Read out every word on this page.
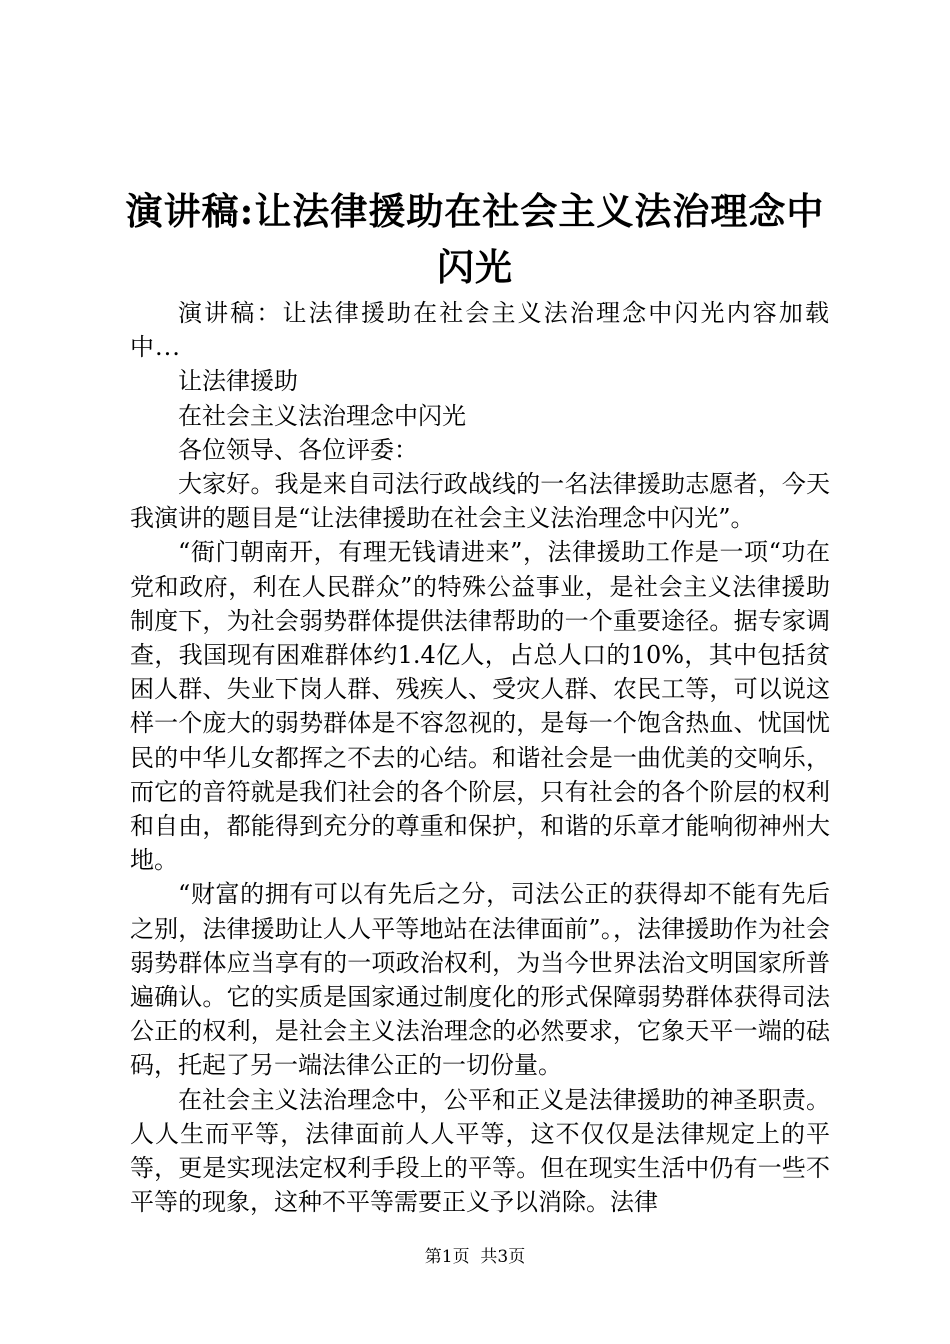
演讲稿:让法律援助在社会主义法治理念中闪光

演讲稿：让法律援助在社会主义法治理念中闪光内容加载中...

让法律援助

在社会主义法治理念中闪光

各位领导、各位评委：

大家好。我是来自司法行政战线的一名法律援助志愿者，今天我演讲的题目是“让法律援助在社会主义法治理念中闪光”。

“衙门朝南开，有理无钱请进来”，法律援助工作是一项“功在党和政府，利在人民群众”的特殊公益事业，是社会主义法律援助制度下，为社会弱势群体提供法律帮助的一个重要途径。据专家调查，我国现有困难群体约1.4亿人，占总人口的10%，其中包括贫困人群、失业下岗人群、残疾人、受灾人群、农民工等，可以说这样一个庞大的弱势群体是不容忽视的，是每一个饱含热血、忧国忧民的中华儿女都挥之不去的心结。和谐社会是一曲优美的交响乐，而它的音符就是我们社会的各个阶层，只有社会的各个阶层的权利和自由，都能得到充分的尊重和保护，和谐的乐章才能响彻神州大地。

“财富的拥有可以有先后之分，司法公正的获得却不能有先后之别，法律援助让人人平等地站在法律面前”。，法律援助作为社会弱势群体应当享有的一项政治权利，为当今世界法治文明国家所普遍确认。它的实质是国家通过制度化的形式保障弱势群体获得司法公正的权利，是社会主义法治理念的必然要求，它象天平一端的砝码，托起了另一端法律公正的一切份量。

在社会主义法治理念中，公平和正义是法律援助的神圣职责。人人生而平等，法律面前人人平等，这不仅仅是法律规定上的平等，更是实现法定权利手段上的平等。但在现实生活中仍有一些不平等的现象，这种不平等需要正义予以消除。法律

第1页  共3页
